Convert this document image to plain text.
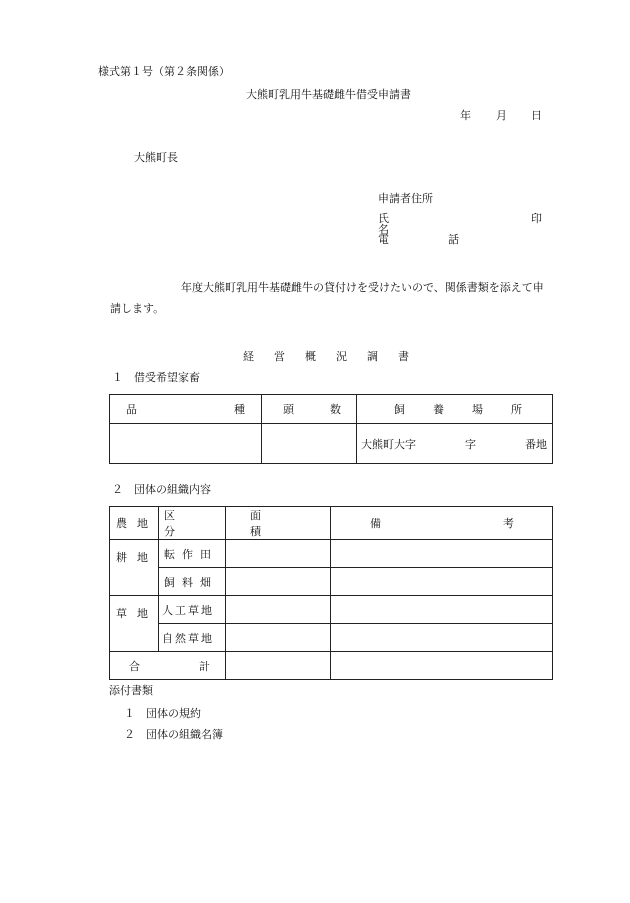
様式第１号（第２条関係）
大熊町乳用牛基礎雌牛借受申請書
年 月 日
大熊町長
申請者住所
氏　名
印
電　話
年度大熊町乳用牛基礎雌牛の貸付けを受けたいので、関係書類を添えて申
請します。
経営概況調書
１　借受希望家畜
品 種	頭 数	飼養場所

		大熊町大字 字 番地
２　団体の組織内容
農地	区分	面積	備 考

耕地	転作田		

	飼料畑		

草地	人工草地		

	自然草地		

合 計			

添付書類
１　団体の規約
２　団体の組織名簿
